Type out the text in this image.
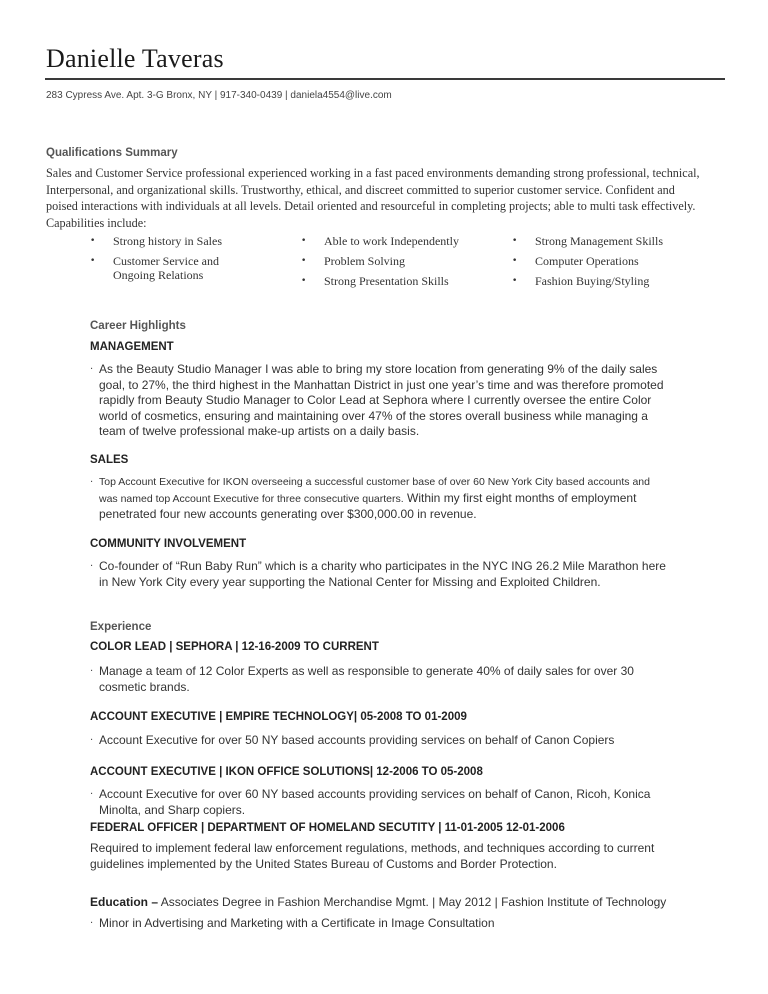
Danielle Taveras
283 Cypress Ave. Apt. 3-G Bronx, NY | 917-340-0439 | daniela4554@live.com
Qualifications Summary
Sales and Customer Service professional experienced working in a fast paced environments demanding strong professional, technical,
Interpersonal, and organizational skills. Trustworthy, ethical, and discreet committed to superior customer service. Confident and
poised interactions with individuals at all levels. Detail oriented and resourceful in completing projects; able to multi task effectively.
Capabilities include:
• Strong history in Sales
• Customer Service and
Ongoing Relations
• Able to work Independently
• Problem Solving
• Strong Presentation Skills
• Strong Management Skills
• Computer Operations
• Fashion Buying/Styling
Career Highlights
MANAGEMENT
· As the Beauty Studio Manager I was able to bring my store location from generating 9% of the daily sales
goal, to 27%, the third highest in the Manhattan District in just one year’s time and was therefore promoted
rapidly from Beauty Studio Manager to Color Lead at Sephora where I currently oversee the entire Color
world of cosmetics, ensuring and maintaining over 47% of the stores overall business while managing a
team of twelve professional make-up artists on a daily basis.
SALES
· Top Account Executive for IKON overseeing a successful customer base of over 60 New York City based accounts and
was named top Account Executive for three consecutive quarters. Within my first eight months of employment
penetrated four new accounts generating over $300,000.00 in revenue.
COMMUNITY INVOLVEMENT
· Co-founder of “Run Baby Run” which is a charity who participates in the NYC ING 26.2 Mile Marathon here
in New York City every year supporting the National Center for Missing and Exploited Children.
Experience
COLOR LEAD | SEPHORA | 12-16-2009 TO CURRENT
· Manage a team of 12 Color Experts as well as responsible to generate 40% of daily sales for over 30
cosmetic brands.
ACCOUNT EXECUTIVE | EMPIRE TECHNOLOGY| 05-2008 TO 01-2009
· Account Executive for over 50 NY based accounts providing services on behalf of Canon Copiers
ACCOUNT EXECUTIVE | IKON OFFICE SOLUTIONS| 12-2006 TO 05-2008
· Account Executive for over 60 NY based accounts providing services on behalf of Canon, Ricoh, Konica
Minolta, and Sharp copiers.
FEDERAL OFFICER | DEPARTMENT OF HOMELAND SECUTITY | 11-01-2005 12-01-2006
Required to implement federal law enforcement regulations, methods, and techniques according to current
guidelines implemented by the United States Bureau of Customs and Border Protection.
Education – Associates Degree in Fashion Merchandise Mgmt. | May 2012 | Fashion Institute of Technology
· Minor in Advertising and Marketing with a Certificate in Image Consultation
